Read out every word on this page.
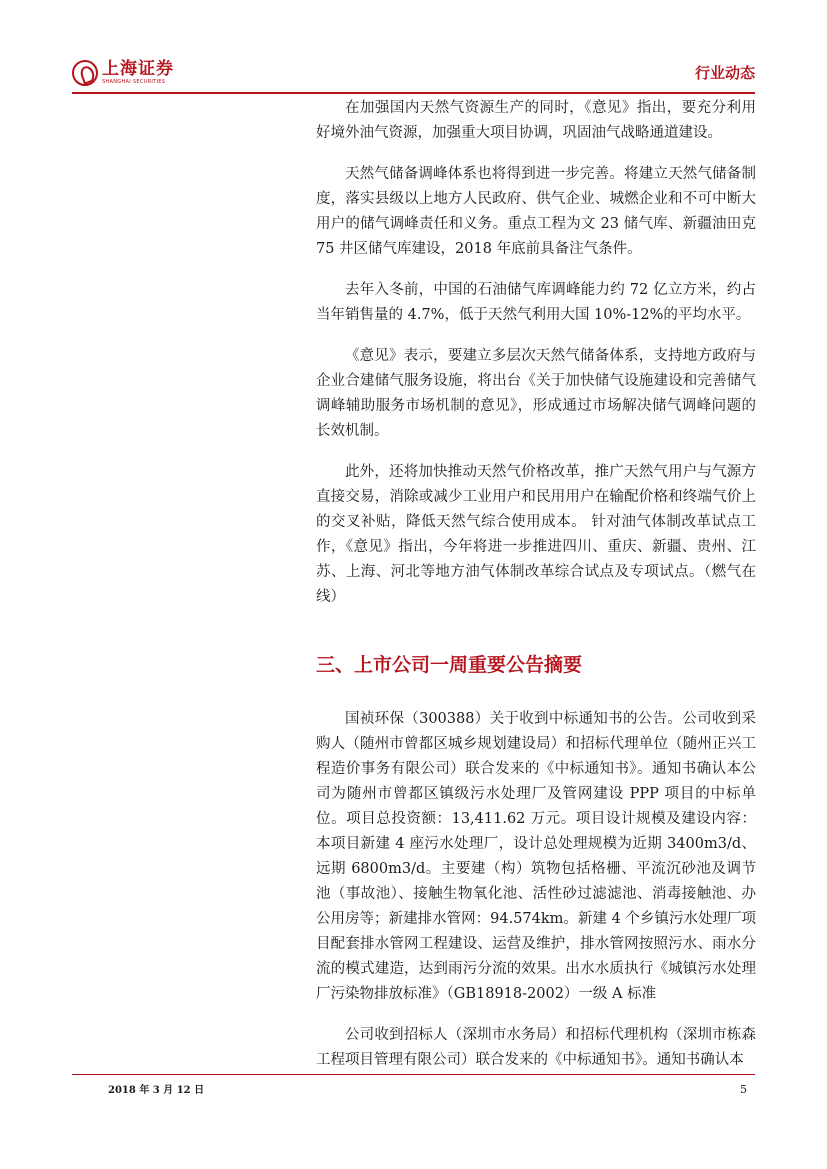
上海证券
SHANGHAI SECURITIES	行业动态

在加强国内天然气资源生产的同时，《意见》指出，要充分利用好境外油气资源，加强重大项目协调，巩固油气战略通道建设。

天然气储备调峰体系也将得到进一步完善。将建立天然气储备制度，落实县级以上地方人民政府、供气企业、城燃企业和不可中断大用户的储气调峰责任和义务。重点工程为文 23 储气库、新疆油田克 75 井区储气库建设，2018 年底前具备注气条件。

去年入冬前，中国的石油储气库调峰能力约 72 亿立方米，约占当年销售量的 4.7%，低于天然气利用大国 10%-12%的平均水平。

《意见》表示，要建立多层次天然气储备体系，支持地方政府与企业合建储气服务设施，将出台《关于加快储气设施建设和完善储气调峰辅助服务市场机制的意见》，形成通过市场解决储气调峰问题的长效机制。

此外，还将加快推动天然气价格改革，推广天然气用户与气源方直接交易，消除或减少工业用户和民用用户在输配价格和终端气价上的交叉补贴，降低天然气综合使用成本。 针对油气体制改革试点工作，《意见》指出，今年将进一步推进四川、重庆、新疆、贵州、江苏、上海、河北等地方油气体制改革综合试点及专项试点。（燃气在线）

三、上市公司一周重要公告摘要

国祯环保（300388）关于收到中标通知书的公告。公司收到采购人（随州市曾都区城乡规划建设局）和招标代理单位（随州正兴工程造价事务有限公司）联合发来的《中标通知书》。通知书确认本公司为随州市曾都区镇级污水处理厂及管网建设 PPP 项目的中标单位。项目总投资额：13,411.62 万元。项目设计规模及建设内容：本项目新建 4 座污水处理厂，设计总处理规模为近期 3400m3/d、远期 6800m3/d。主要建（构）筑物包括格栅、平流沉砂池及调节池（事故池）、接触生物氧化池、活性砂过滤滤池、消毒接触池、办公用房等；新建排水管网：94.574km。新建 4 个乡镇污水处理厂项目配套排水管网工程建设、运营及维护，排水管网按照污水、雨水分流的模式建造，达到雨污分流的效果。出水水质执行《城镇污水处理厂污染物排放标准》（GB18918-2002）一级 A 标准

公司收到招标人（深圳市水务局）和招标代理机构（深圳市栋森工程项目管理有限公司）联合发来的《中标通知书》。通知书确认本

2018 年 3 月 12 日	5
